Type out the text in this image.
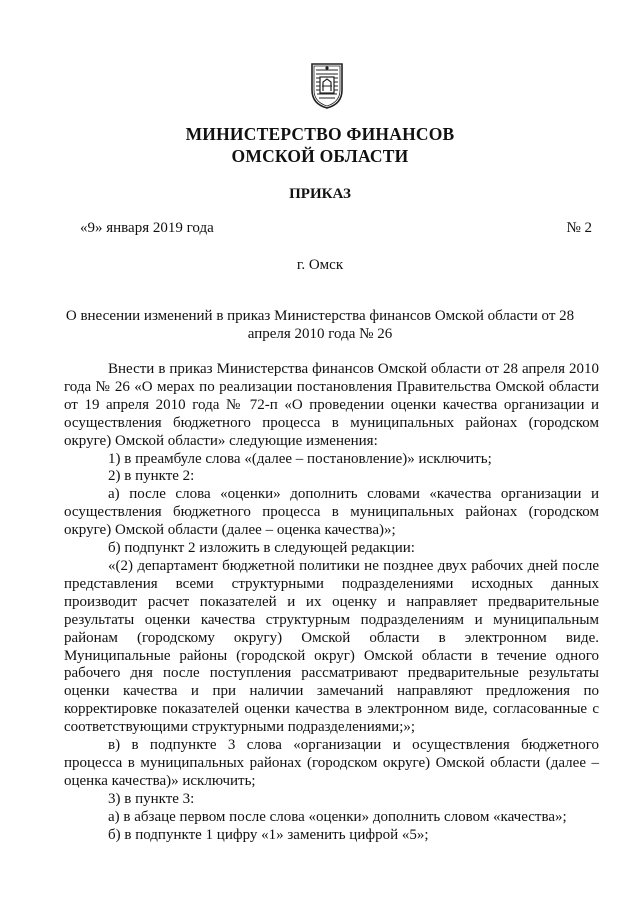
МИНИСТЕРСТВО ФИНАНСОВ
ОМСКОЙ ОБЛАСТИ
ПРИКАЗ
«9» января 2019 года	№ 2
г. Омск
О внесении изменений в приказ Министерства финансов Омской области от 28 апреля 2010 года № 26

Внести в приказ Министерства финансов Омской области от 28 апреля 2010 года № 26 «О мерах по реализации постановления Правительства Омской области от 19 апреля 2010 года № 72-п «О проведении оценки качества организации и осуществления бюджетного процесса в муниципальных районах (городском округе) Омской области» следующие изменения:

1) в преамбуле слова «(далее – постановление)» исключить;

2) в пункте 2:

а) после слова «оценки» дополнить словами «качества организации и осуществления бюджетного процесса в муниципальных районах (городском округе) Омской области (далее – оценка качества)»;

б) подпункт 2 изложить в следующей редакции:

«(2) департамент бюджетной политики не позднее двух рабочих дней после представления всеми структурными подразделениями исходных данных производит расчет показателей и их оценку и направляет предварительные результаты оценки качества структурным подразделениям и муниципальным районам (городскому округу) Омской области в электронном виде. Муниципальные районы (городской округ) Омской области в течение одного рабочего дня после поступления рассматривают предварительные результаты оценки качества и при наличии замечаний направляют предложения по корректировке показателей оценки качества в электронном виде, согласованные с соответствующими структурными подразделениями;»;

в) в подпункте 3 слова «организации и осуществления бюджетного процесса в муниципальных районах (городском округе) Омской области (далее – оценка качества)» исключить;

3) в пункте 3:

а) в абзаце первом после слова «оценки» дополнить словом «качества»;

б) в подпункте 1 цифру «1» заменить цифрой «5»;
